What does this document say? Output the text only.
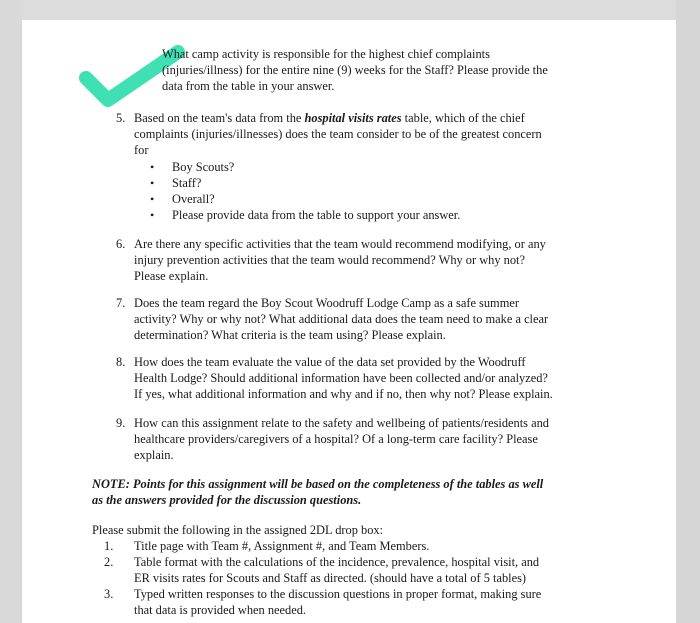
What camp activity is responsible for the highest chief complaints
(injuries/illness) for the entire nine (9) weeks for the Staff? Please provide the
data from the table in your answer.
5. Based on the team's data from the hospital visits rates table, which of the chief
complaints (injuries/illnesses) does the team consider to be of the greatest concern
for
• Boy Scouts?
• Staff?
• Overall?
• Please provide data from the table to support your answer.
6. Are there any specific activities that the team would recommend modifying, or any
injury prevention activities that the team would recommend? Why or why not?
Please explain.
7. Does the team regard the Boy Scout Woodruff Lodge Camp as a safe summer
activity? Why or why not? What additional data does the team need to make a clear
determination? What criteria is the team using? Please explain.
8. How does the team evaluate the value of the data set provided by the Woodruff
Health Lodge? Should additional information have been collected and/or analyzed?
If yes, what additional information and why and if no, then why not? Please explain.
9. How can this assignment relate to the safety and wellbeing of patients/residents and
healthcare providers/caregivers of a hospital? Of a long-term care facility? Please
explain.
NOTE: Points for this assignment will be based on the completeness of the tables as well
as the answers provided for the discussion questions.
Please submit the following in the assigned 2DL drop box:
1. Title page with Team #, Assignment #, and Team Members.
2. Table format with the calculations of the incidence, prevalence, hospital visit, and
ER visits rates for Scouts and Staff as directed. (should have a total of 5 tables)
3. Typed written responses to the discussion questions in proper format, making sure
that data is provided when needed.
